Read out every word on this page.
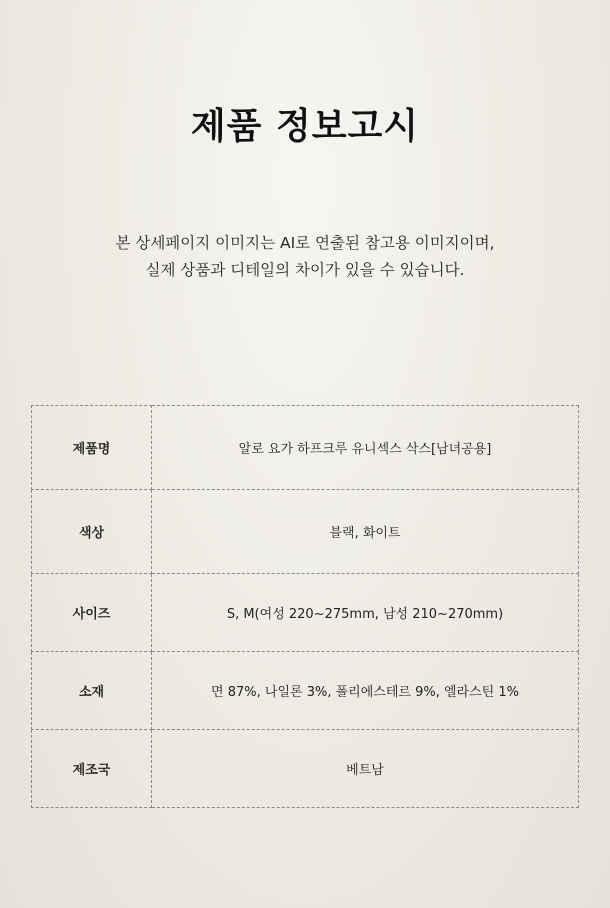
제품 정보고시
본 상세페이지 이미지는 AI로 연출된 참고용 이미지이며,
실제 상품과 디테일의 차이가 있을 수 있습니다.
제품명	알로 요가 하프크루 유니섹스 삭스[남녀공용]
색상	블랙, 화이트
사이즈	S, M(여성 220~275mm, 남성 210~270mm)
소재	면 87%, 나일론 3%, 폴리에스테르 9%, 엘라스틴 1%
제조국	베트남
